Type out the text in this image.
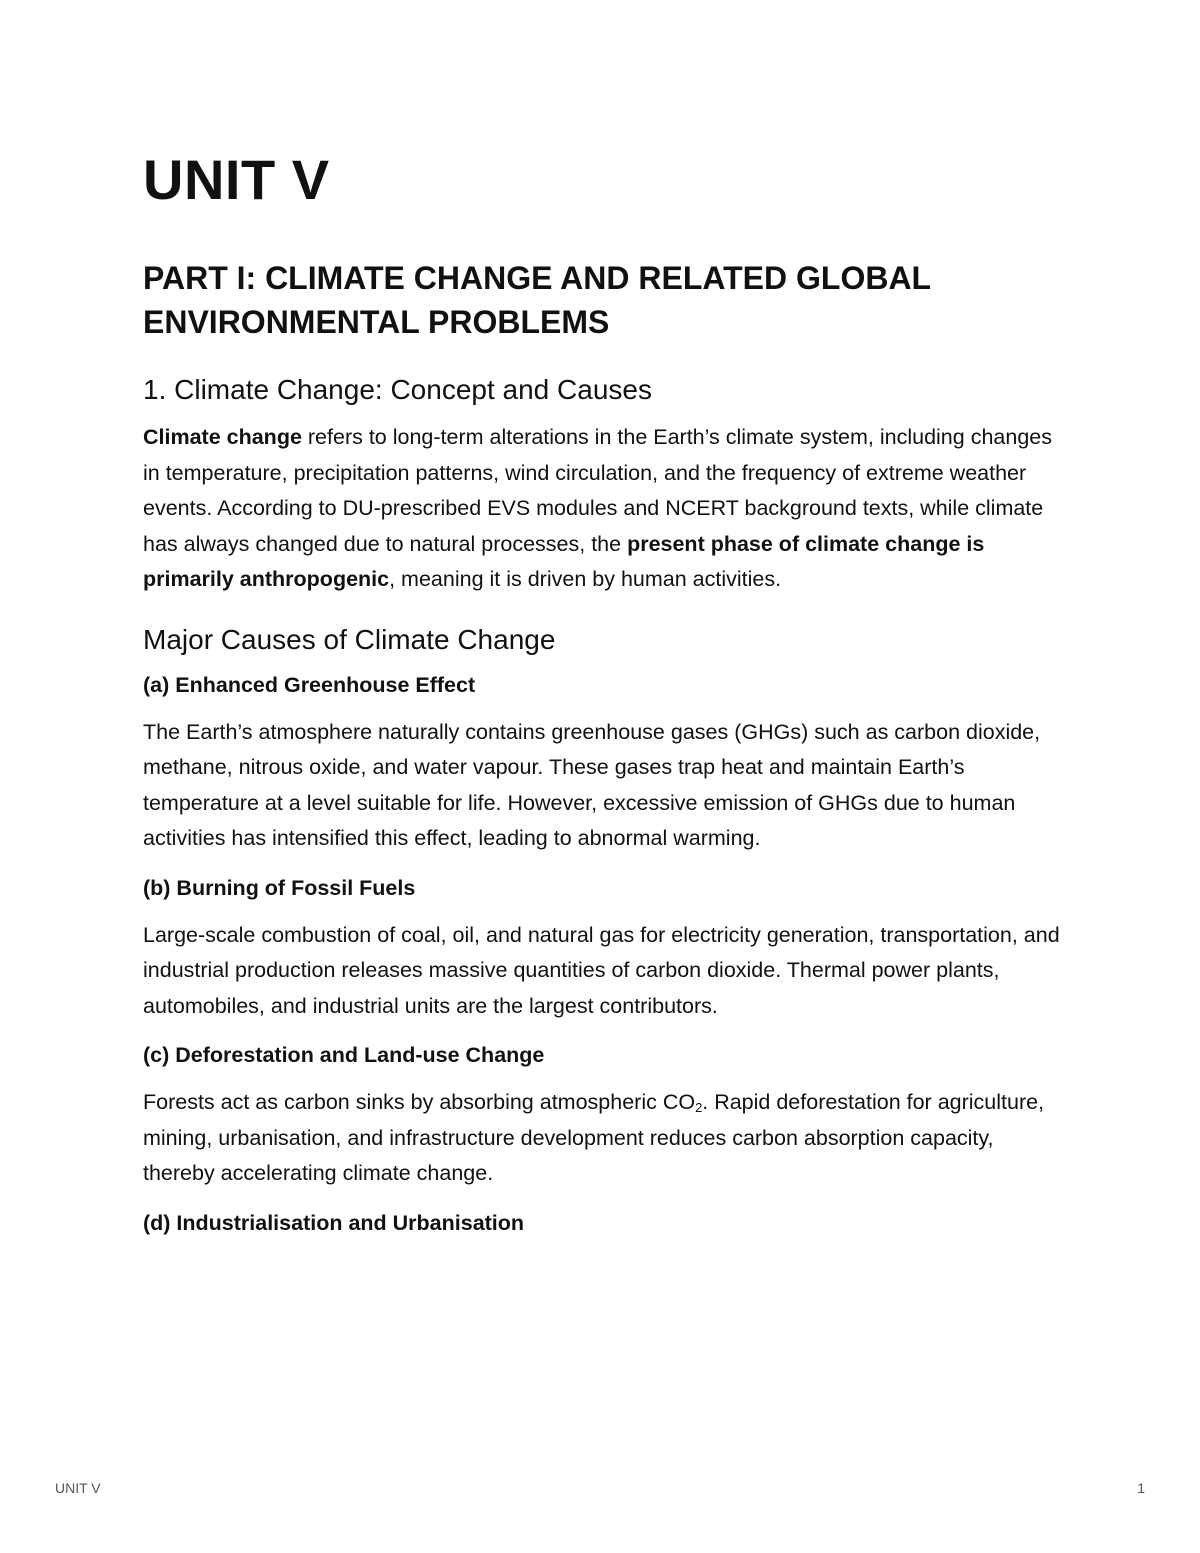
UNIT V
PART I: CLIMATE CHANGE AND RELATED GLOBAL ENVIRONMENTAL PROBLEMS
1. Climate Change: Concept and Causes

Climate change refers to long-term alterations in the Earth’s climate system, including changes in temperature, precipitation patterns, wind circulation, and the frequency of extreme weather events. According to DU-prescribed EVS modules and NCERT background texts, while climate has always changed due to natural processes, the present phase of climate change is primarily anthropogenic, meaning it is driven by human activities.

Major Causes of Climate Change
(a) Enhanced Greenhouse Effect

The Earth’s atmosphere naturally contains greenhouse gases (GHGs) such as carbon dioxide, methane, nitrous oxide, and water vapour. These gases trap heat and maintain Earth’s temperature at a level suitable for life. However, excessive emission of GHGs due to human activities has intensified this effect, leading to abnormal warming.

(b) Burning of Fossil Fuels

Large-scale combustion of coal, oil, and natural gas for electricity generation, transportation, and industrial production releases massive quantities of carbon dioxide. Thermal power plants, automobiles, and industrial units are the largest contributors.

(c) Deforestation and Land-use Change

Forests act as carbon sinks by absorbing atmospheric $CO_2$. Rapid deforestation for agriculture, mining, urbanisation, and infrastructure development reduces carbon absorption capacity, thereby accelerating climate change.

(d) Industrialisation and Urbanisation
UNIT V	1
